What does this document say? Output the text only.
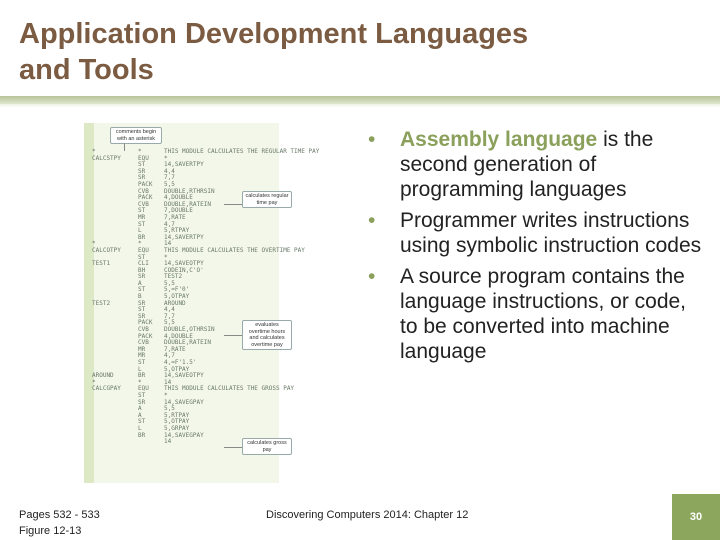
Application Development Languages
and Tools
*
CALCSTPY

*
CALCOTPY

TEST1

TEST2

AROUND
*
CALCGPAY
*
EQU
ST
SR
SR
PACK
CVB
PACK
CVB
ST
MR
ST
L
BR
*
EQU
ST
CLI
BH
SR
A
ST
B
SR
ST
SR
PACK
CVB
PACK
CVB
MR
MR
ST
L
BR
*
EQU
ST
SR
A
A
ST
L
BR
THIS MODULE CALCULATES THE REGULAR TIME PAY
*
14,SAVERTPY
4,4
7,7
5,5
DOUBLE,RTHRSIN
4,DOUBLE
DOUBLE,RATEIN
7,DOUBLE
7,RATE
4,7
5,RTPAY
14,SAVERTPY
14
THIS MODULE CALCULATES THE OVERTIME PAY
*
14,SAVEOTPY
CODEIN,C'O'
TEST2
5,5
5,=F'0'
5,OTPAY
AROUND
4,4
7,7
5,5
DOUBLE,OTHRSIN
4,DOUBLE
DOUBLE,RATEIN
7,RATE
4,7
4,=F'1.5'
5,OTPAY
14,SAVEOTPY
14
THIS MODULE CALCULATES THE GROSS PAY
*
14,SAVEGPAY
5,5
5,RTPAY
5,OTPAY
5,GRPAY
14,SAVEGPAY
14
comments begin with an asterisk
calculates regular time pay
evaluates overtime hours and calculates overtime pay
calculates gross pay
• Assembly language is the second generation of programming languages
• Programmer writes instructions using symbolic instruction codes
• A source program contains the language instructions, or code, to be converted into machine language
Pages 532 - 533
Figure 12-13
Discovering Computers 2014: Chapter 12	30
